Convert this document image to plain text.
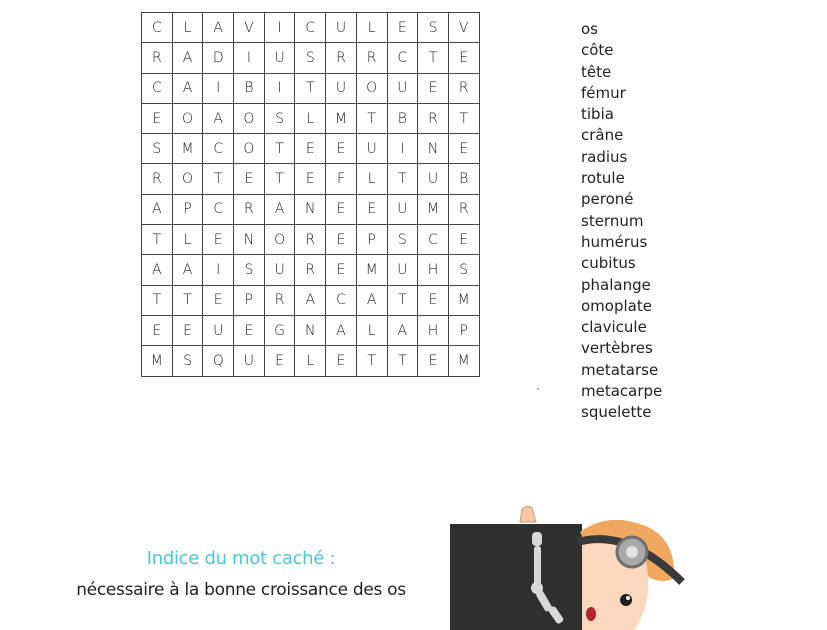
C	L	A	V	I	C	U	L	E	S	V
R	A	D	I	U	S	R	R	C	T	E
C	A	I	B	I	T	U	O	U	E	R
E	O	A	O	S	L	M	T	B	R	T
S	M	C	O	T	E	E	U	I	N	E
R	O	T	E	T	E	F	L	T	U	B
A	P	C	R	A	N	E	E	U	M	R
T	L	E	N	O	R	E	P	S	C	E
A	A	I	S	U	R	E	M	U	H	S
T	T	E	P	R	A	C	A	T	E	M
E	E	U	E	G	N	A	L	A	H	P
M	S	Q	U	E	L	E	T	T	E	M
os
côte
tête
fémur
tibia
crâne
radius
rotule
peroné
sternum
humérus
cubitus
phalange
omoplate
clavicule
vertèbres
metatarse
metacarpe
squelette
Indice du mot caché :
nécessaire à la bonne croissance des os
